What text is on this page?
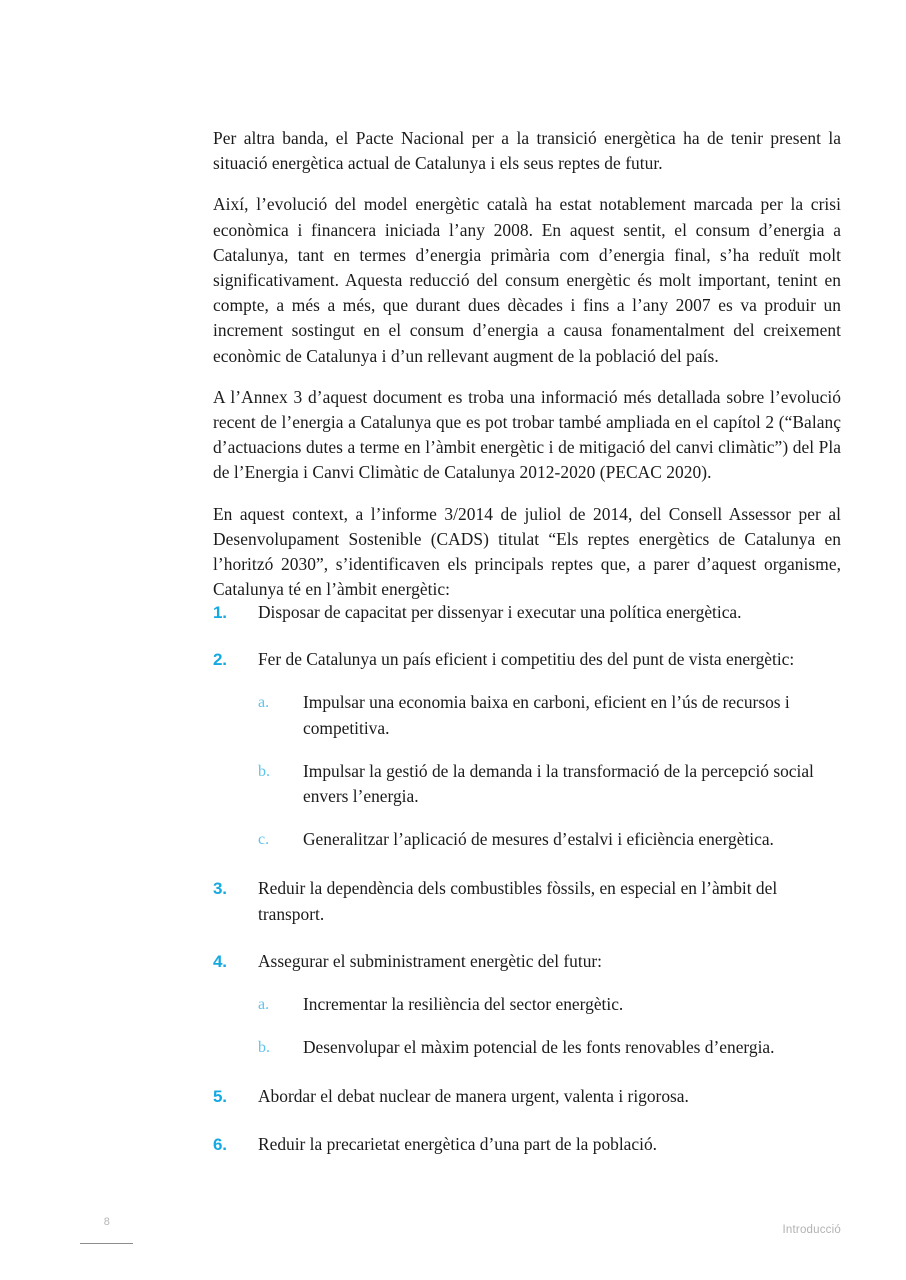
Per altra banda, el Pacte Nacional per a la transició energètica ha de tenir present la situació energètica actual de Catalunya i els seus reptes de futur.

Així, l’evolució del model energètic català ha estat notablement marcada per la crisi econòmica i financera iniciada l’any 2008. En aquest sentit, el consum d’energia a Catalunya, tant en termes d’energia primària com d’energia final, s’ha reduït molt significativament. Aquesta reducció del consum energètic és molt important, tenint en compte, a més a més, que durant dues dècades i fins a l’any 2007 es va produir un increment sostingut en el consum d’energia a causa fonamentalment del creixement econòmic de Catalunya i d’un rellevant augment de la població del país.

A l’Annex 3 d’aquest document es troba una informació més detallada sobre l’evolució recent de l’energia a Catalunya que es pot trobar també ampliada en el capítol 2 (“Balanç d’actuacions dutes a terme en l’àmbit energètic i de mitigació del canvi climàtic”) del Pla de l’Energia i Canvi Climàtic de Catalunya 2012-2020 (PECAC 2020).

En aquest context, a l’informe 3/2014 de juliol de 2014, del Consell Assessor per al Desenvolupament Sostenible (CADS) titulat “Els reptes energètics de Catalunya en l’horitzó 2030”, s’identificaven els principals reptes que, a parer d’aquest organisme, Catalunya té en l’àmbit energètic:

1.	Disposar de capacitat per dissenyar i executar una política energètica.
2.	Fer de Catalunya un país eficient i competitiu des del punt de vista energètic:
a.	Impulsar una economia baixa en carboni, eficient en l’ús de recursos i competitiva.
b.	Impulsar la gestió de la demanda i la transformació de la percepció social envers l’energia.
c.	Generalitzar l’aplicació de mesures d’estalvi i eficiència energètica.
3.	Reduir la dependència dels combustibles fòssils, en especial en l’àmbit del transport.
4.	Assegurar el subministrament energètic del futur:
a.	Incrementar la resiliència del sector energètic.
b.	Desenvolupar el màxim potencial de les fonts renovables d’energia.
5.	Abordar el debat nuclear de manera urgent, valenta i rigorosa.
6.	Reduir la precarietat energètica d’una part de la població.
8
Introducció
